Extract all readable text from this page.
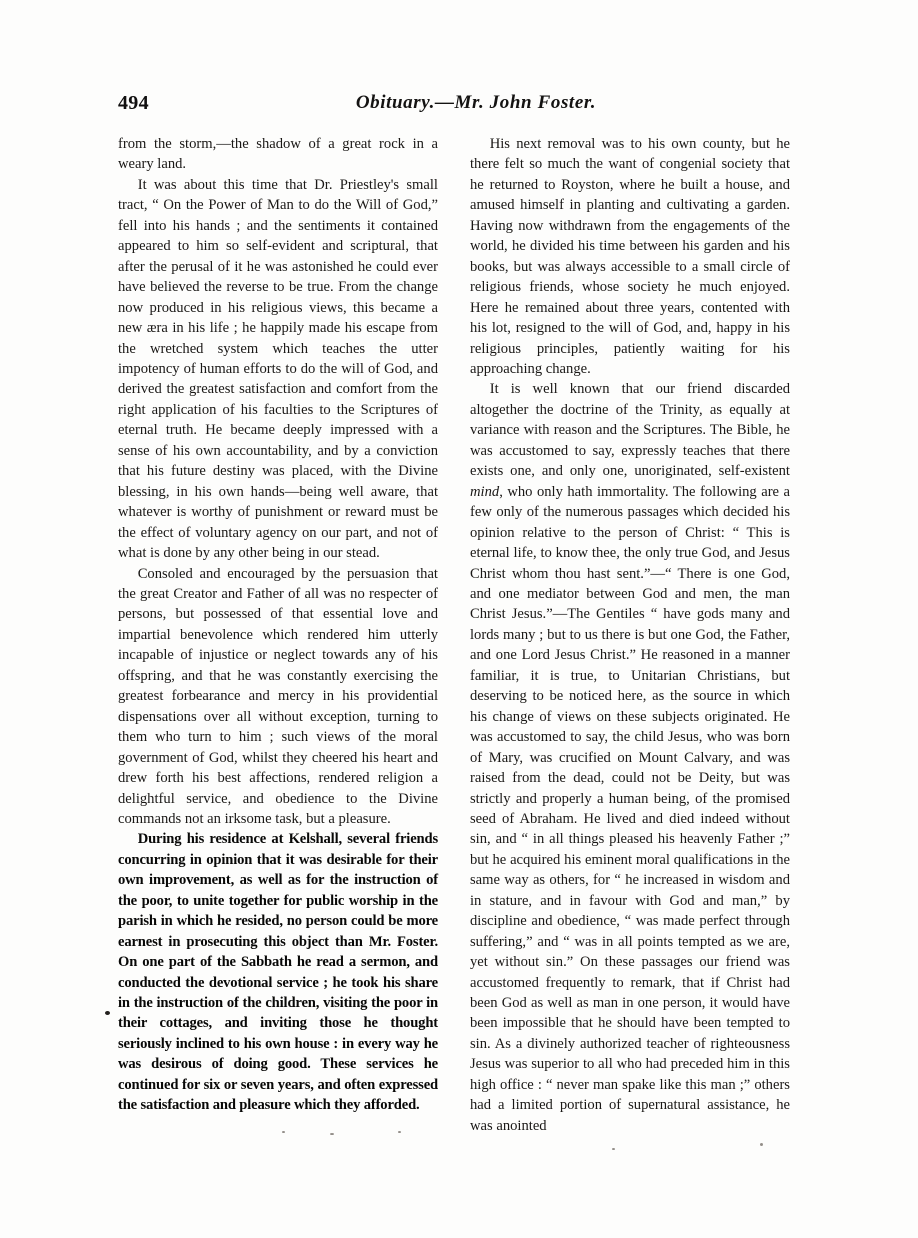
494	Obituary.—Mr. John Foster.

from the storm,—the shadow of a great rock in a weary land.

It was about this time that Dr. Priestley's small tract, “ On the Power of Man to do the Will of God,” fell into his hands ; and the sentiments it contained appeared to him so self-evident and scriptural, that after the perusal of it he was astonished he could ever have believed the reverse to be true. From the change now produced in his religious views, this became a new æra in his life ; he happily made his escape from the wretched system which teaches the utter impotency of human efforts to do the will of God, and derived the greatest satisfaction and comfort from the right application of his faculties to the Scriptures of eternal truth. He became deeply impressed with a sense of his own accountability, and by a conviction that his future destiny was placed, with the Divine blessing, in his own hands—being well aware, that whatever is worthy of punishment or reward must be the effect of voluntary agency on our part, and not of what is done by any other being in our stead.

Consoled and encouraged by the persuasion that the great Creator and Father of all was no respecter of persons, but possessed of that essential love and impartial benevolence which rendered him utterly incapable of injustice or neglect towards any of his offspring, and that he was constantly exercising the greatest forbearance and mercy in his providential dispensations over all without exception, turning to them who turn to him ; such views of the moral government of God, whilst they cheered his heart and drew forth his best affections, rendered religion a delightful service, and obedience to the Divine commands not an irksome task, but a pleasure.

During his residence at Kelshall, several friends concurring in opinion that it was desirable for their own improvement, as well as for the instruction of the poor, to unite together for public worship in the parish in which he resided, no person could be more earnest in prosecuting this object than Mr. Foster. On one part of the Sabbath he read a sermon, and conducted the devotional service ; he took his share in the instruction of the children, visiting the poor in their cottages, and inviting those he thought seriously inclined to his own house : in every way he was desirous of doing good. These services he continued for six or seven years, and often expressed the satisfaction and pleasure which they afforded.

His next removal was to his own county, but he there felt so much the want of congenial society that he returned to Royston, where he built a house, and amused himself in planting and cultivating a garden. Having now withdrawn from the engagements of the world, he divided his time between his garden and his books, but was always accessible to a small circle of religious friends, whose society he much enjoyed. Here he remained about three years, contented with his lot, resigned to the will of God, and, happy in his religious principles, patiently waiting for his approaching change.

It is well known that our friend discarded altogether the doctrine of the Trinity, as equally at variance with reason and the Scriptures. The Bible, he was accustomed to say, expressly teaches that there exists one, and only one, unoriginated, self-existent mind, who only hath immortality. The following are a few only of the numerous passages which decided his opinion relative to the person of Christ: “ This is eternal life, to know thee, the only true God, and Jesus Christ whom thou hast sent.”—“ There is one God, and one mediator between God and men, the man Christ Jesus.”—The Gentiles “ have gods many and lords many ; but to us there is but one God, the Father, and one Lord Jesus Christ.” He reasoned in a manner familiar, it is true, to Unitarian Christians, but deserving to be noticed here, as the source in which his change of views on these subjects originated. He was accustomed to say, the child Jesus, who was born of Mary, was crucified on Mount Calvary, and was raised from the dead, could not be Deity, but was strictly and properly a human being, of the promised seed of Abraham. He lived and died indeed without sin, and “ in all things pleased his heavenly Father ;” but he acquired his eminent moral qualifications in the same way as others, for “ he increased in wisdom and in stature, and in favour with God and man,” by discipline and obedience, “ was made perfect through suffering,” and “ was in all points tempted as we are, yet without sin.” On these passages our friend was accustomed frequently to remark, that if Christ had been God as well as man in one person, it would have been impossible that he should have been tempted to sin. As a divinely authorized teacher of righteousness Jesus was superior to all who had preceded him in this high office : “ never man spake like this man ;” others had a limited portion of supernatural assistance, he was anointed
